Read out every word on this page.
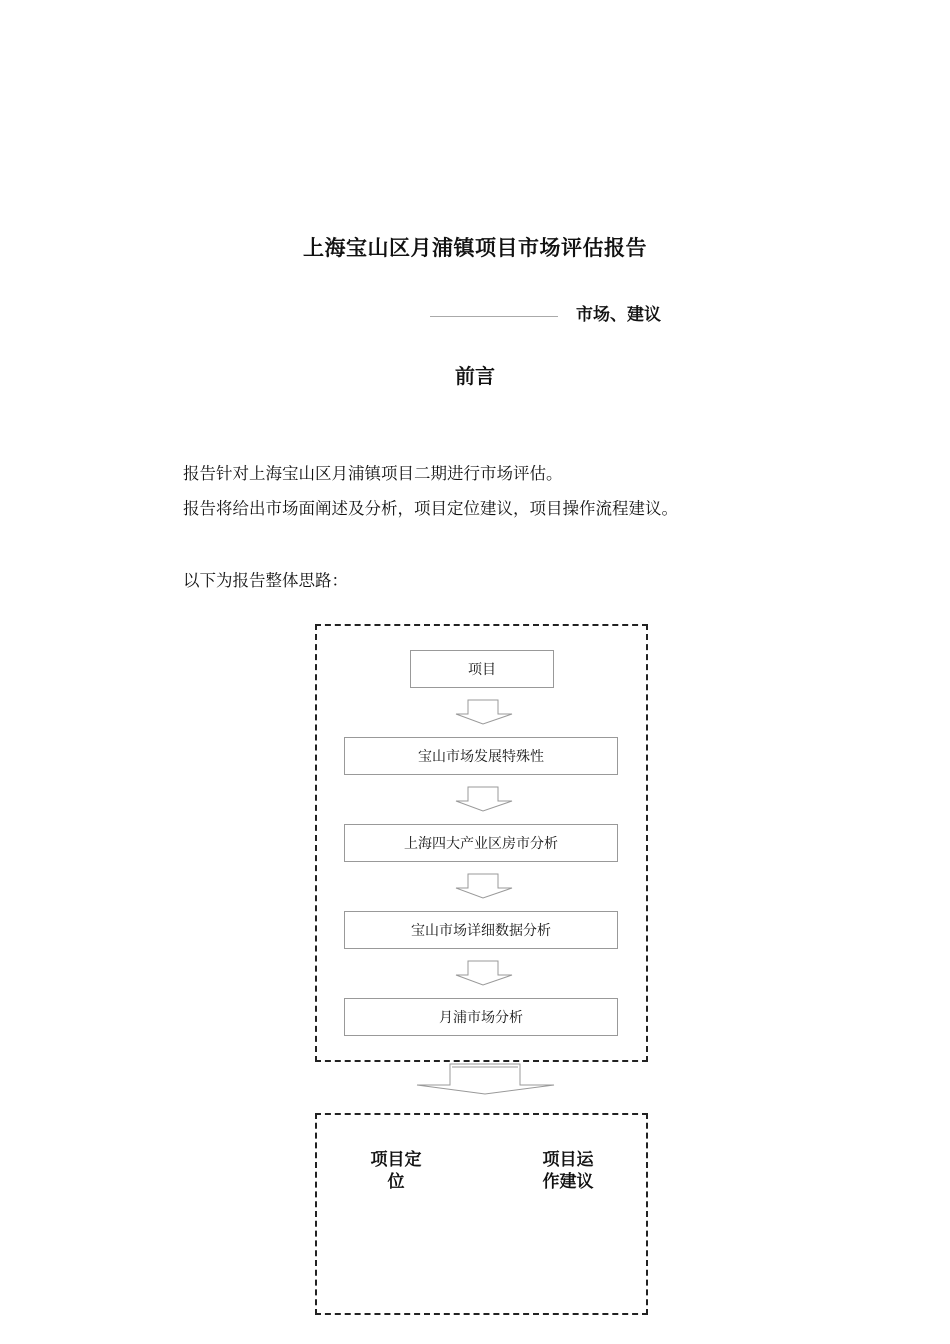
上海宝山区月浦镇项目市场评估报告
市场、建议
前言
报告针对上海宝山区月浦镇项目二期进行市场评估。
报告将给出市场面阐述及分析，项目定位建议，项目操作流程建议。
以下为报告整体思路：
项目
宝山市场发展特殊性
上海四大产业区房市分析
宝山市场详细数据分析
月浦市场分析
项目定
位
项目运
作建议
